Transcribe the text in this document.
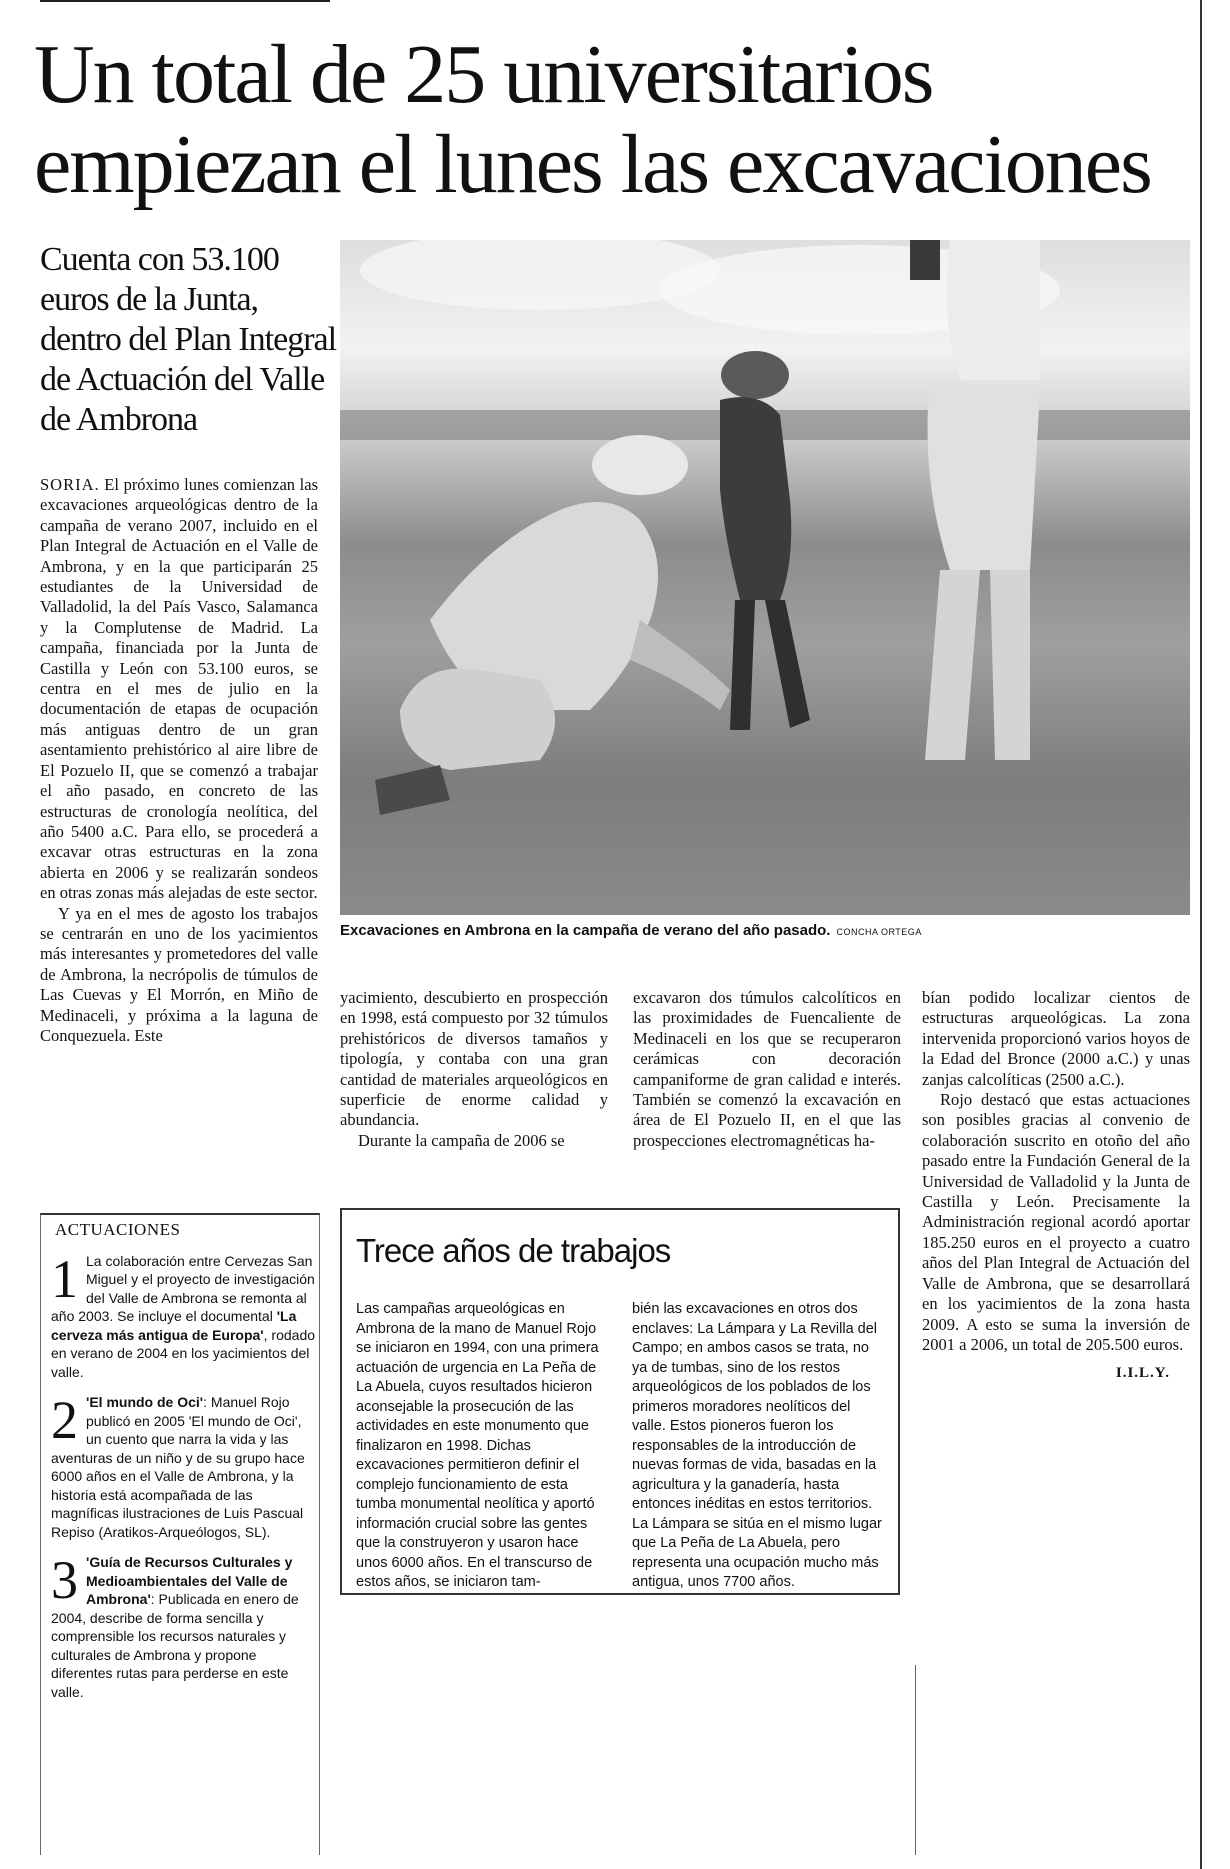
Un total de 25 universitarios empiezan el lunes las excavaciones
Cuenta con 53.100 euros de la Junta, dentro del Plan Integral de Actuación del Valle de Ambrona
Excavaciones en Ambrona en la campaña de verano del año pasado. CONCHA ORTEGA

SORIA. El próximo lunes comienzan las excavaciones arqueológicas dentro de la campaña de verano 2007, incluido en el Plan Integral de Actuación en el Valle de Ambrona, y en la que participarán 25 estudiantes de la Universidad de Valladolid, la del País Vasco, Salamanca y la Complutense de Madrid. La campaña, financiada por la Junta de Castilla y León con 53.100 euros, se centra en el mes de julio en la documentación de etapas de ocupación más antiguas dentro de un gran asentamiento prehistórico al aire libre de El Pozuelo II, que se comenzó a trabajar el año pasado, en concreto de las estructuras de cronología neolítica, del año 5400 a.C. Para ello, se procederá a excavar otras estructuras en la zona abierta en 2006 y se realizarán sondeos en otras zonas más alejadas de este sector.

Y ya en el mes de agosto los trabajos se centrarán en uno de los yacimientos más interesantes y prometedores del valle de Ambrona, la necrópolis de túmulos de Las Cuevas y El Morrón, en Miño de Medinaceli, y próxima a la laguna de Conquezuela. Este

yacimiento, descubierto en prospección en 1998, está compuesto por 32 túmulos prehistóricos de diversos tamaños y tipología, y contaba con una gran cantidad de materiales arqueológicos en superficie de enorme calidad y abundancia.

Durante la campaña de 2006 se

excavaron dos túmulos calcolíticos en las proximidades de Fuencaliente de Medinaceli en los que se recuperaron cerámicas con decoración campaniforme de gran calidad e interés. También se comenzó la excavación en área de El Pozuelo II, en el que las prospecciones electromagnéticas ha-

bían podido localizar cientos de estructuras arqueológicas. La zona intervenida proporcionó varios hoyos de la Edad del Bronce (2000 a.C.) y unas zanjas calcolíticas (2500 a.C.).

Rojo destacó que estas actuaciones son posibles gracias al convenio de colaboración suscrito en otoño del año pasado entre la Fundación General de la Universidad de Valladolid y la Junta de Castilla y León. Precisamente la Administración regional acordó aportar 185.250 euros en el proyecto a cuatro años del Plan Integral de Actuación del Valle de Ambrona, que se desarrollará en los yacimientos de la zona hasta 2009. A esto se suma la inversión de 2001 a 2006, un total de 205.500 euros.

I.I.L.Y.
ACTUACIONES
1 La colaboración entre Cervezas San Miguel y el proyecto de investigación del Valle de Ambrona se remonta al año 2003. Se incluye el documental 'La cerveza más antigua de Europa', rodado en verano de 2004 en los yacimientos del valle.
2 'El mundo de Oci': Manuel Rojo publicó en 2005 'El mundo de Oci', un cuento que narra la vida y las aventuras de un niño y de su grupo hace 6000 años en el Valle de Ambrona, y la historia está acompañada de las magníficas ilustraciones de Luis Pascual Repiso (Aratikos-Arqueólogos, SL).
3 'Guía de Recursos Culturales y Medioambientales del Valle de Ambrona': Publicada en enero de 2004, describe de forma sencilla y comprensible los recursos naturales y culturales de Ambrona y propone diferentes rutas para perderse en este valle.
Trece años de trabajos
Las campañas arqueológicas en Ambrona de la mano de Manuel Rojo se iniciaron en 1994, con una primera actuación de urgencia en La Peña de La Abuela, cuyos resultados hicieron aconsejable la prosecución de las actividades en este monumento que finalizaron en 1998. Dichas excavaciones permitieron definir el complejo funcionamiento de esta tumba monumental neolítica y aportó información crucial sobre las gentes que la construyeron y usaron hace unos 6000 años. En el transcurso de estos años, se iniciaron tam-
bién las excavaciones en otros dos enclaves: La Lámpara y La Revilla del Campo; en ambos casos se trata, no ya de tumbas, sino de los restos arqueológicos de los poblados de los primeros moradores neolíticos del valle. Estos pioneros fueron los responsables de la introducción de nuevas formas de vida, basadas en la agricultura y la ganadería, hasta entonces inéditas en estos territorios. La Lámpara se sitúa en el mismo lugar que La Peña de La Abuela, pero representa una ocupación mucho más antigua, unos 7700 años.
